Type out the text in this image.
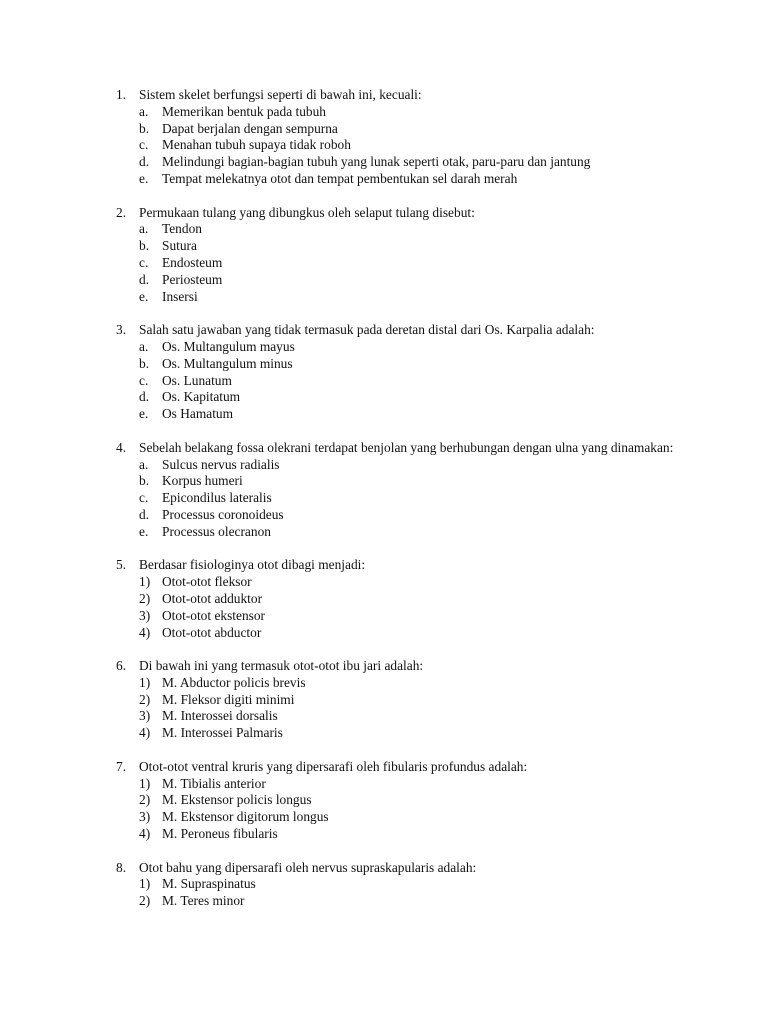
1. Sistem skelet berfungsi seperti di bawah ini, kecuali:
a. Memerikan bentuk pada tubuh
b. Dapat berjalan dengan sempurna
c. Menahan tubuh supaya tidak roboh
d. Melindungi bagian-bagian tubuh yang lunak seperti otak, paru-paru dan jantung
e. Tempat melekatnya otot dan tempat pembentukan sel darah merah
2. Permukaan tulang yang dibungkus oleh selaput tulang disebut:
a. Tendon
b. Sutura
c. Endosteum
d. Periosteum
e. Insersi
3. Salah satu jawaban yang tidak termasuk pada deretan distal dari Os. Karpalia adalah:
a. Os. Multangulum mayus
b. Os. Multangulum minus
c. Os. Lunatum
d. Os. Kapitatum
e. Os Hamatum
4. Sebelah belakang fossa olekrani terdapat benjolan yang berhubungan dengan ulna yang dinamakan:
a. Sulcus nervus radialis
b. Korpus humeri
c. Epicondilus lateralis
d. Processus coronoideus
e. Processus olecranon
5. Berdasar fisiologinya otot dibagi menjadi:
1) Otot-otot fleksor
2) Otot-otot adduktor
3) Otot-otot ekstensor
4) Otot-otot abductor
6. Di bawah ini yang termasuk otot-otot ibu jari adalah:
1) M. Abductor policis brevis
2) M. Fleksor digiti minimi
3) M. Interossei dorsalis
4) M. Interossei Palmaris
7. Otot-otot ventral kruris yang dipersarafi oleh fibularis profundus adalah:
1) M. Tibialis anterior
2) M. Ekstensor policis longus
3) M. Ekstensor digitorum longus
4) M. Peroneus fibularis
8. Otot bahu yang dipersarafi oleh nervus supraskapularis adalah:
1) M. Supraspinatus
2) M. Teres minor
